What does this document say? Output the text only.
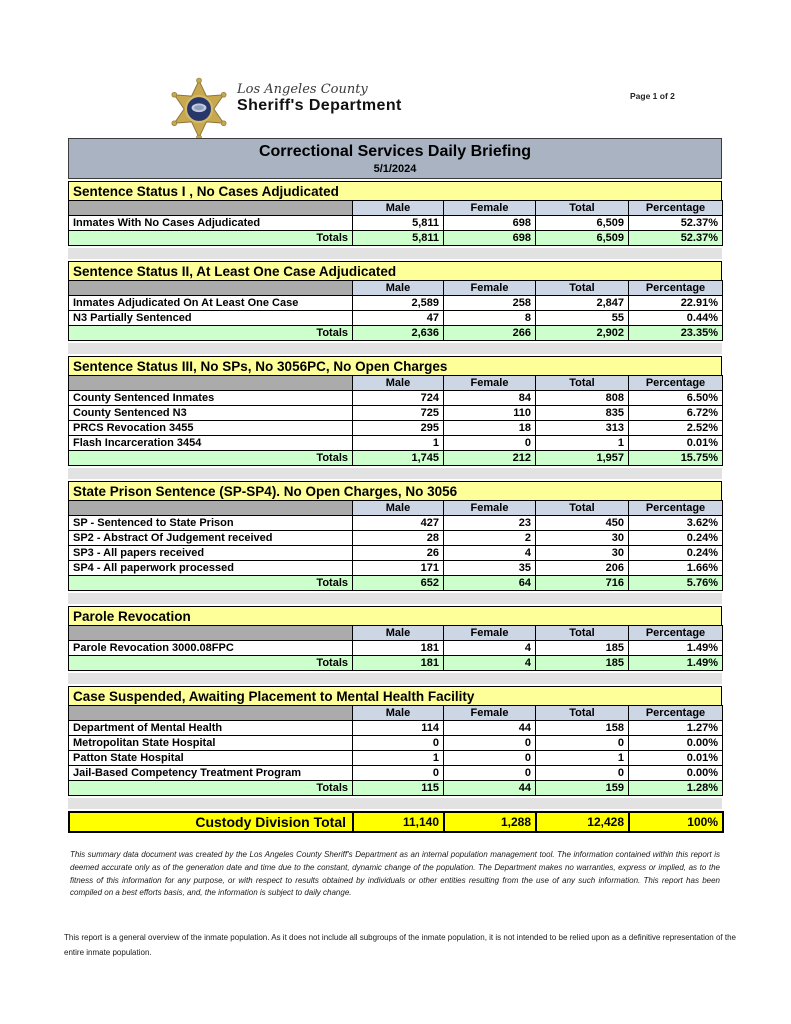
Los Angeles County
Sheriff's Department
Page 1 of 2
Correctional Services Daily Briefing
5/1/2024
Sentence Status I , No Cases Adjudicated
	Male	Female	Total	Percentage
Inmates With No Cases Adjudicated	5,811	698	6,509	52.37%
Totals	5,811	698	6,509	52.37%
Sentence Status II, At Least One Case Adjudicated
	Male	Female	Total	Percentage
Inmates Adjudicated On At Least One Case	2,589	258	2,847	22.91%
N3 Partially Sentenced	47	8	55	0.44%
Totals	2,636	266	2,902	23.35%
Sentence Status III, No SPs, No 3056PC, No Open Charges
	Male	Female	Total	Percentage
County Sentenced Inmates	724	84	808	6.50%
County Sentenced N3	725	110	835	6.72%
PRCS Revocation 3455	295	18	313	2.52%
Flash Incarceration 3454	1	0	1	0.01%
Totals	1,745	212	1,957	15.75%
State Prison Sentence (SP-SP4). No Open Charges, No 3056
	Male	Female	Total	Percentage
SP - Sentenced to State Prison	427	23	450	3.62%
SP2 - Abstract Of Judgement received	28	2	30	0.24%
SP3 - All papers received	26	4	30	0.24%
SP4 - All paperwork processed	171	35	206	1.66%
Totals	652	64	716	5.76%
Parole Revocation
	Male	Female	Total	Percentage
Parole Revocation 3000.08FPC	181	4	185	1.49%
Totals	181	4	185	1.49%
Case Suspended, Awaiting Placement to Mental Health Facility
	Male	Female	Total	Percentage
Department of Mental Health	114	44	158	1.27%
Metropolitan State Hospital	0	0	0	0.00%
Patton State Hospital	1	0	1	0.01%
Jail-Based Competency Treatment Program	0	0	0	0.00%
Totals	115	44	159	1.28%
Custody Division Total	11,140	1,288	12,428	100%

This summary data document was created by the Los Angeles County Sheriff's Department as an internal population management tool. The information contained within this report is deemed accurate only as of the generation date and time due to the constant, dynamic change of the population. The Department makes no warranties, express or implied, as to the fitness of this information for any purpose, or with respect to results obtained by individuals or other entities resulting from the use of any such information. This report has been compiled on a best efforts basis, and, the information is subject to daily change.

This report is a general overview of the inmate population. As it does not include all subgroups of the inmate population, it is not intended to be relied upon as a definitive representation of the entire inmate population.
